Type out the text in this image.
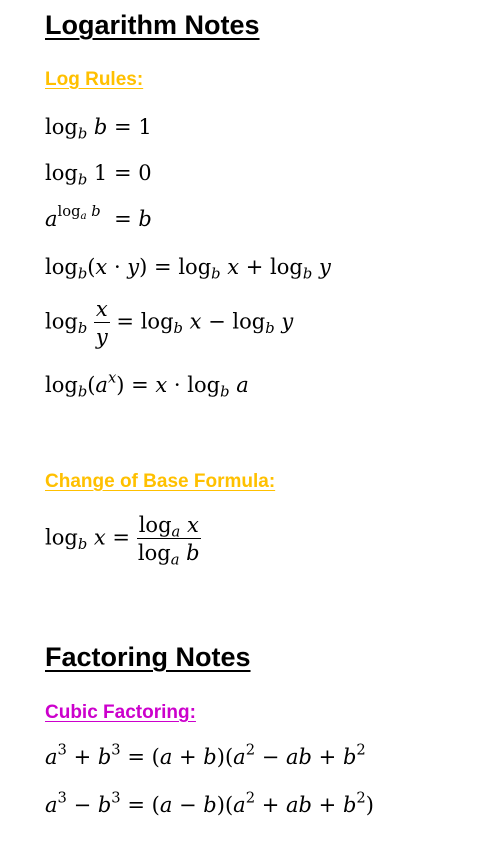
Logarithm Notes
Log Rules:
$\log_b b = 1$
$\log_b 1 = 0$
$a^{log_a b} = b$
$\log_b(x \cdot y) = \log_b x + \log_b y$
$\log_b \frac{x}{y} = \log_b x - \log_b y$
$\log_b(a^x) = x \cdot \log_b a$
Change of Base Formula:
$\log_b x = \frac{\log_a x}{\log_a b}$
Factoring Notes
Cubic Factoring:
$a^3 + b^3 = (a + b)(a^2$ − ab + $b^2$
$a^3 - b^3 = (a - b)(a^2$ + ab + $b^2$)
